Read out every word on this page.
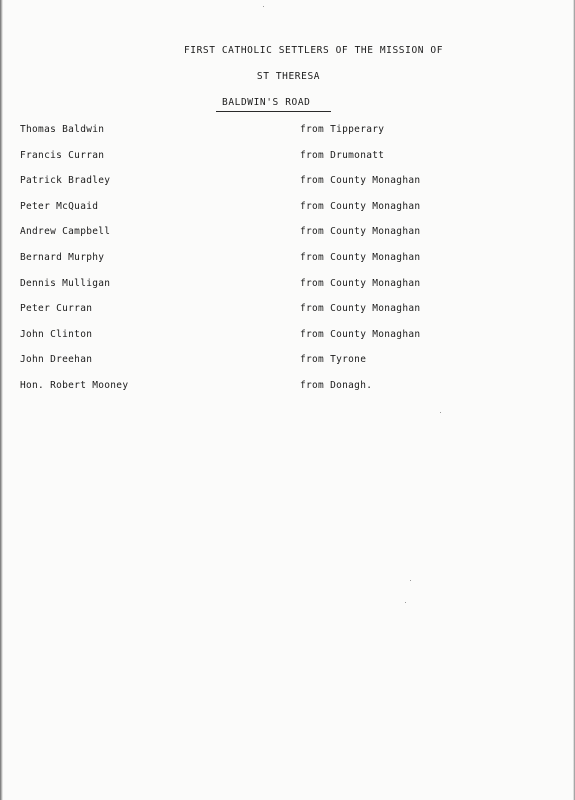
FIRST CATHOLIC SETTLERS OF THE MISSION OF
ST THERESA
BALDWIN'S ROAD
Thomas Baldwin	from Tipperary
Francis Curran	from Drumonatt
Patrick Bradley	from County Monaghan
Peter McQuaid	from County Monaghan
Andrew Campbell	from County Monaghan
Bernard Murphy	from County Monaghan
Dennis Mulligan	from County Monaghan
Peter Curran	from County Monaghan
John Clinton	from County Monaghan
John Dreehan	from Tyrone
Hon. Robert Mooney	from Donagh.
